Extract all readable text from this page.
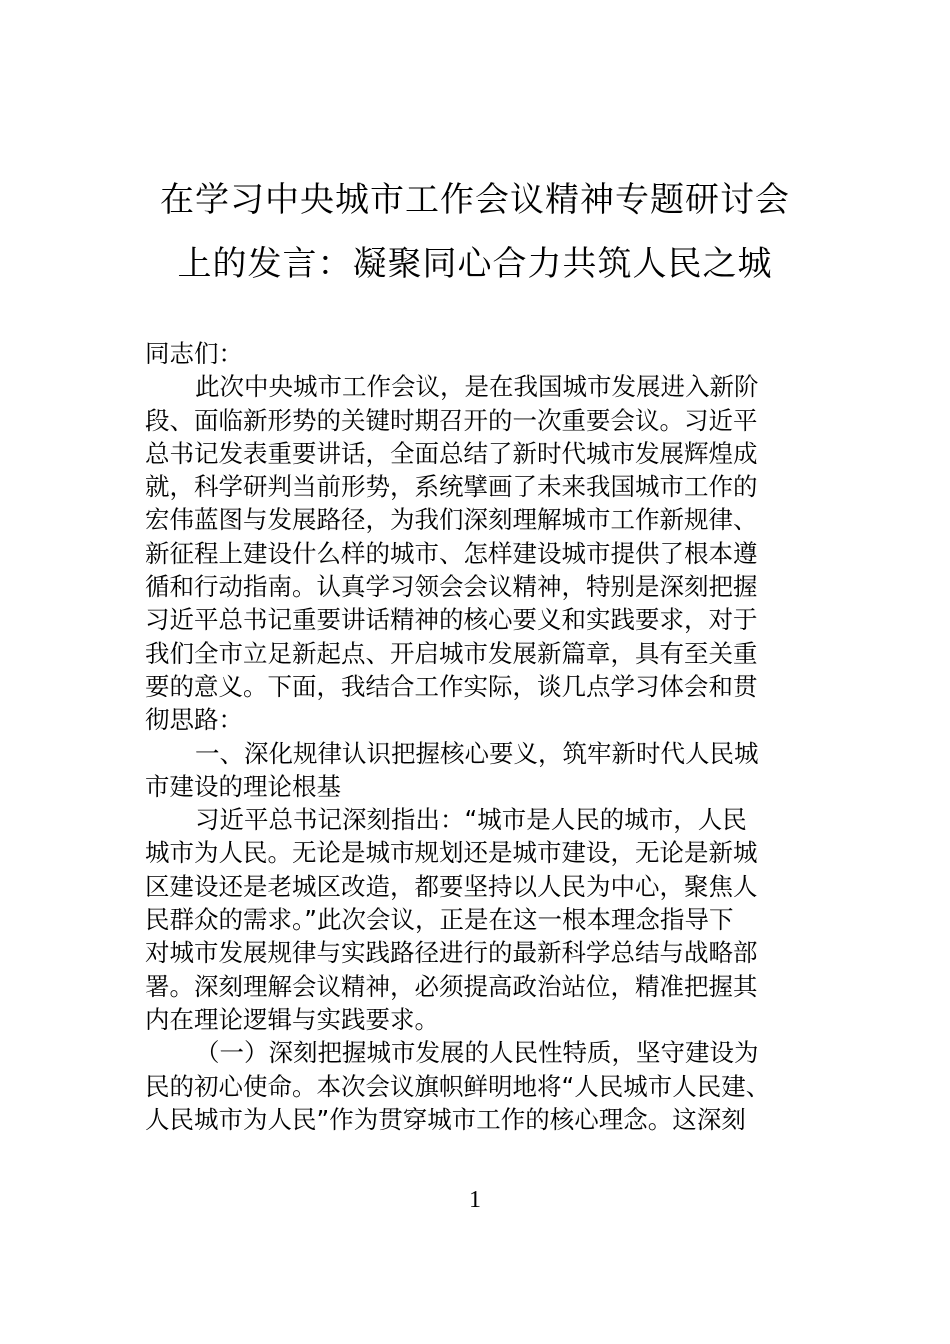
在学习中央城市工作会议精神专题研讨会
上的发言：凝聚同心合力共筑人民之城
同志们：
此次中央城市工作会议，是在我国城市发展进入新阶
段、面临新形势的关键时期召开的一次重要会议。习近平
总书记发表重要讲话，全面总结了新时代城市发展辉煌成
就，科学研判当前形势，系统擘画了未来我国城市工作的
宏伟蓝图与发展路径，为我们深刻理解城市工作新规律、
新征程上建设什么样的城市、怎样建设城市提供了根本遵
循和行动指南。认真学习领会会议精神，特别是深刻把握
习近平总书记重要讲话精神的核心要义和实践要求，对于
我们全市立足新起点、开启城市发展新篇章，具有至关重
要的意义。下面，我结合工作实际，谈几点学习体会和贯
彻思路：
一、深化规律认识把握核心要义，筑牢新时代人民城
市建设的理论根基
习近平总书记深刻指出：“城市是人民的城市，人民
城市为人民。无论是城市规划还是城市建设，无论是新城
区建设还是老城区改造，都要坚持以人民为中心，聚焦人
民群众的需求。”此次会议，正是在这一根本理念指导下
对城市发展规律与实践路径进行的最新科学总结与战略部
署。深刻理解会议精神，必须提高政治站位，精准把握其
内在理论逻辑与实践要求。
（一）深刻把握城市发展的人民性特质，坚守建设为
民的初心使命。本次会议旗帜鲜明地将“人民城市人民建、
人民城市为人民”作为贯穿城市工作的核心理念。这深刻
1
